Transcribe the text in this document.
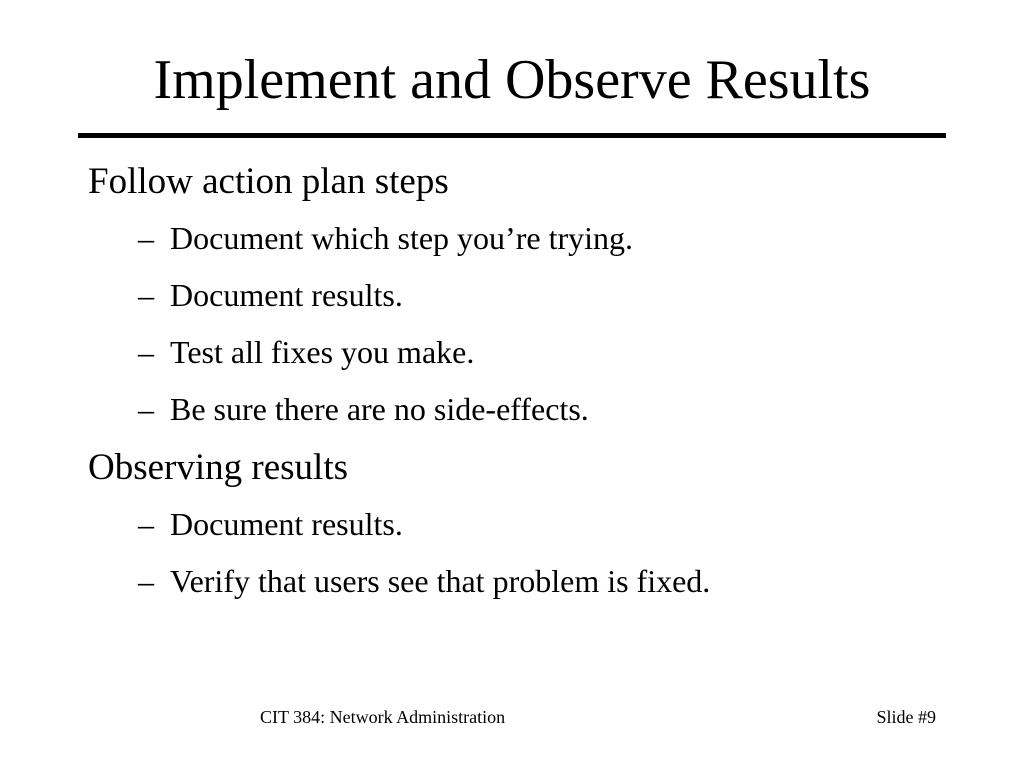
Implement and Observe Results
Follow action plan steps
– Document which step you’re trying.
– Document results.
– Test all fixes you make.
– Be sure there are no side-effects.
Observing results
– Document results.
– Verify that users see that problem is fixed.
CIT 384: Network Administration	Slide #9
